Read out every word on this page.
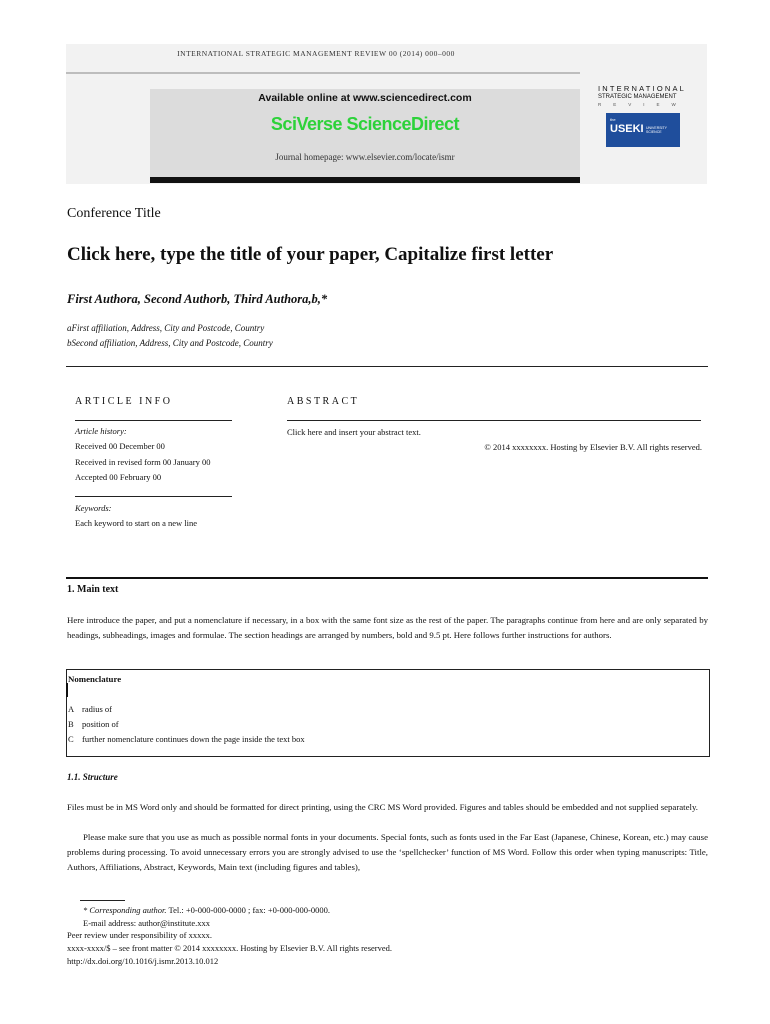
INTERNATIONAL STRATEGIC MANAGEMENT REVIEW 00 (2014) 000–000
Available online at www.sciencedirect.com
SciVerse ScienceDirect
Journal homepage: www.elsevier.com/locate/ismr
INTERNATIONAL
STRATEGIC MANAGEMENT
REVIEW
the
USEKI UNIVERSITY SCIENCE
Conference Title
Click here, type the title of your paper, Capitalize first letter
First Authora, Second Authorb, Third Authora,b,*
aFirst affiliation, Address, City and Postcode, Country
bSecond affiliation, Address, City and Postcode, Country
ARTICLE INFO
Article history:
Received 00 December 00
Received in revised form 00 January 00
Accepted 00 February 00
Keywords:
Each keyword to start on a new line
ABSTRACT
Click here and insert your abstract text.
© 2014 xxxxxxxx. Hosting by Elsevier B.V. All rights reserved.
1. Main text
Here introduce the paper, and put a nomenclature if necessary, in a box with the same font size as the rest of the paper. The paragraphs continue from here and are only separated by headings, subheadings, images and formulae. The section headings are arranged by numbers, bold and 9.5 pt. Here follows further instructions for authors.
Nomenclature
A radius of
B position of
C further nomenclature continues down the page inside the text box
1.1. Structure
Files must be in MS Word only and should be formatted for direct printing, using the CRC MS Word provided. Figures and tables should be embedded and not supplied separately.
Please make sure that you use as much as possible normal fonts in your documents. Special fonts, such as fonts used in the Far East (Japanese, Chinese, Korean, etc.) may cause problems during processing. To avoid unnecessary errors you are strongly advised to use the ‘spellchecker’ function of MS Word. Follow this order when typing manuscripts: Title, Authors, Affiliations, Abstract, Keywords, Main text (including figures and tables),
* Corresponding author. Tel.: +0-000-000-0000 ; fax: +0-000-000-0000.
E-mail address: author@institute.xxx
Peer review under responsibility of xxxxx.
xxxx-xxxx/$ – see front matter © 2014 xxxxxxxx. Hosting by Elsevier B.V. All rights reserved.
http://dx.doi.org/10.1016/j.ismr.2013.10.012
